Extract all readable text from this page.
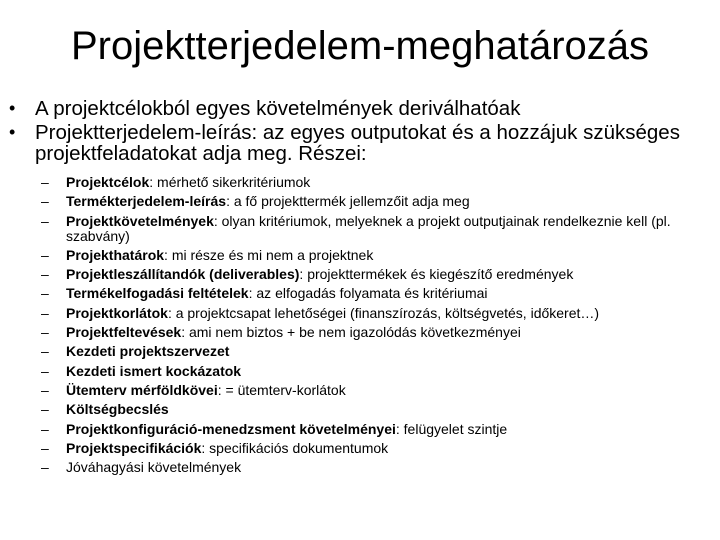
Projektterjedelem-meghatározás
• A projektcélokból egyes követelmények deriválhatóak
• Projektterjedelem-leírás: az egyes outputokat és a hozzájuk szükséges projektfeladatokat adja meg. Részei:
– Projektcélok: mérhető sikerkritériumok
– Termékterjedelem-leírás: a fő projekttermék jellemzőit adja meg
– Projektkövetelmények: olyan kritériumok, melyeknek a projekt outputjainak rendelkeznie kell (pl. szabvány)
– Projekthatárok: mi része és mi nem a projektnek
– Projektleszállítandók (deliverables): projekttermékek és kiegészítő eredmények
– Termékelfogadási feltételek: az elfogadás folyamata és kritériumai
– Projektkorlátok: a projektcsapat lehetőségei (finanszírozás, költségvetés, időkeret…)
– Projektfeltevések: ami nem biztos + be nem igazolódás következményei
– Kezdeti projektszervezet
– Kezdeti ismert kockázatok
– Ütemterv mérföldkövei: = ütemterv-korlátok
– Költségbecslés
– Projektkonfiguráció-menedzsment követelményei: felügyelet szintje
– Projektspecifikációk: specifikációs dokumentumok
– Jóváhagyási követelmények
